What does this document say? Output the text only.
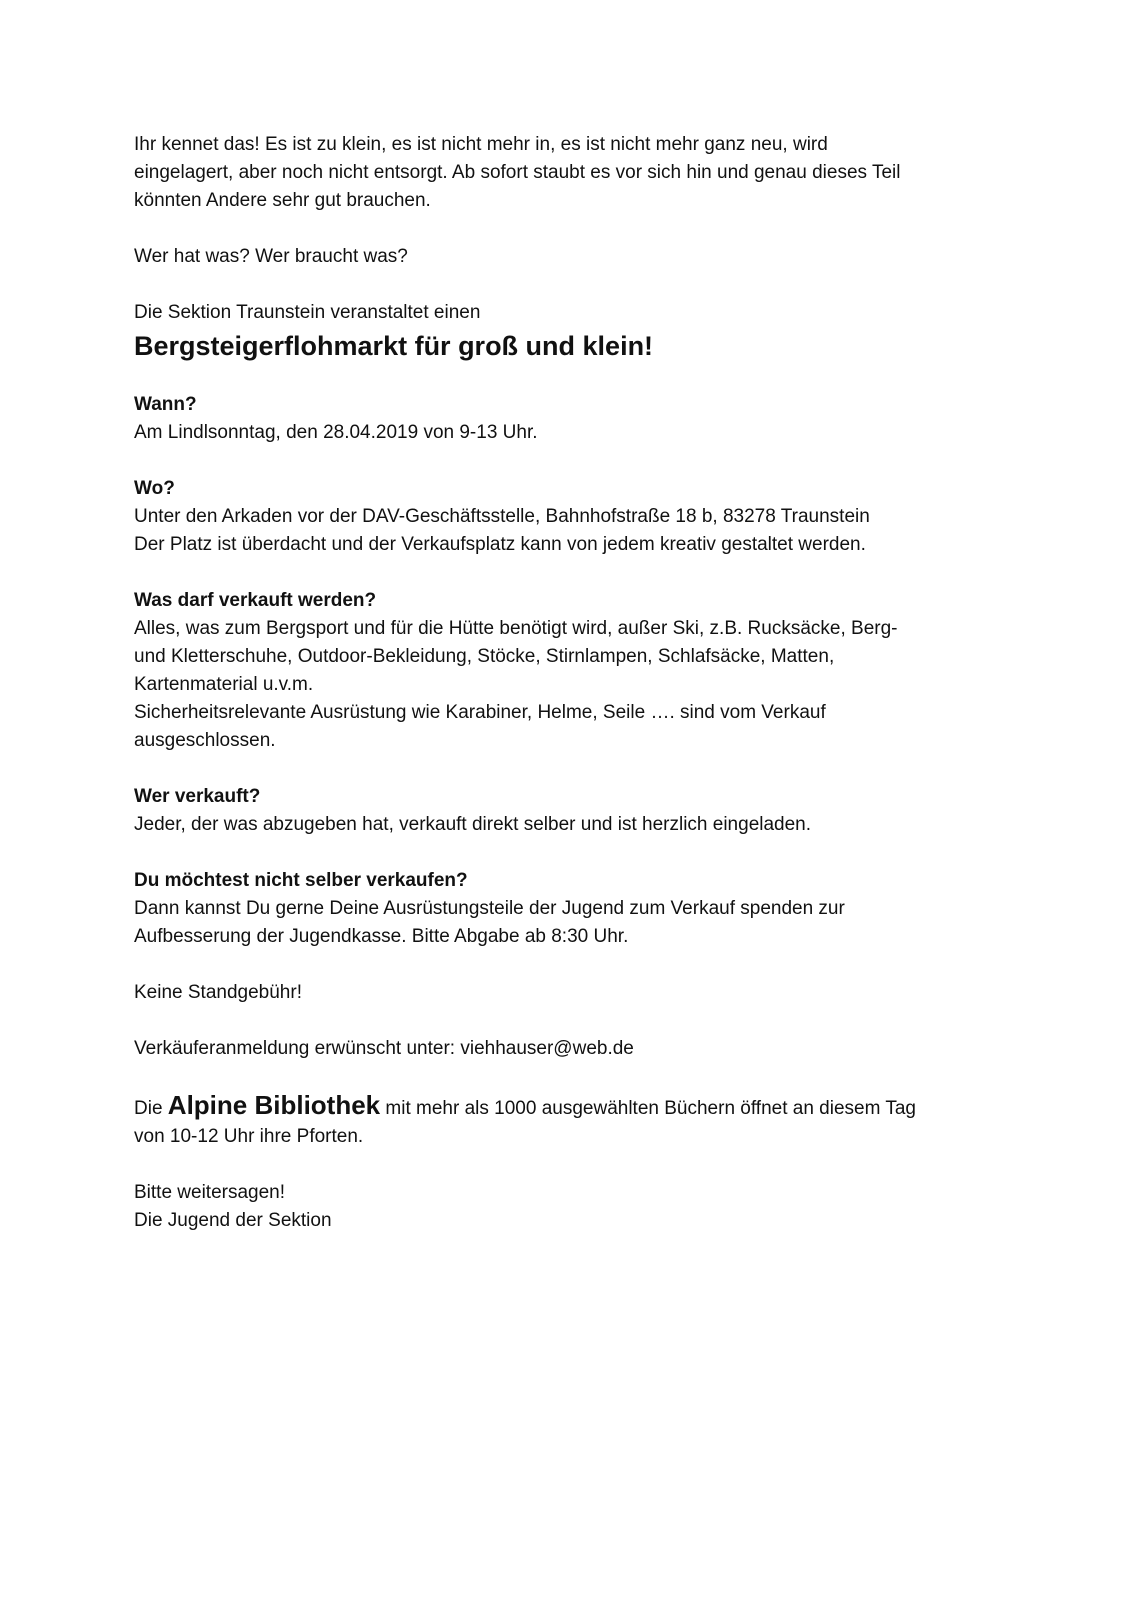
Ihr kennet das! Es ist zu klein, es ist nicht mehr in, es ist nicht mehr ganz neu, wird
eingelagert, aber noch nicht entsorgt. Ab sofort staubt es vor sich hin und genau dieses Teil
könnten Andere sehr gut brauchen.
Wer hat was? Wer braucht was?
Die Sektion Traunstein veranstaltet einen
Bergsteigerflohmarkt für groß und klein!
Wann?
Am Lindlsonntag, den 28.04.2019 von 9-13 Uhr.
Wo?
Unter den Arkaden vor der DAV-Geschäftsstelle, Bahnhofstraße 18 b, 83278 Traunstein
Der Platz ist überdacht und der Verkaufsplatz kann von jedem kreativ gestaltet werden.
Was darf verkauft werden?
Alles, was zum Bergsport und für die Hütte benötigt wird, außer Ski, z.B. Rucksäcke, Berg-
und Kletterschuhe, Outdoor-Bekleidung, Stöcke, Stirnlampen, Schlafsäcke, Matten,
Kartenmaterial u.v.m.
Sicherheitsrelevante Ausrüstung wie Karabiner, Helme, Seile …. sind vom Verkauf
ausgeschlossen.
Wer verkauft?
Jeder, der was abzugeben hat, verkauft direkt selber und ist herzlich eingeladen.
Du möchtest nicht selber verkaufen?
Dann kannst Du gerne Deine Ausrüstungsteile der Jugend zum Verkauf spenden zur
Aufbesserung der Jugendkasse. Bitte Abgabe ab 8:30 Uhr.
Keine Standgebühr!
Verkäuferanmeldung erwünscht unter: viehhauser@web.de
Die Alpine Bibliothek mit mehr als 1000 ausgewählten Büchern öffnet an diesem Tag
von 10-12 Uhr ihre Pforten.
Bitte weitersagen!
Die Jugend der Sektion
